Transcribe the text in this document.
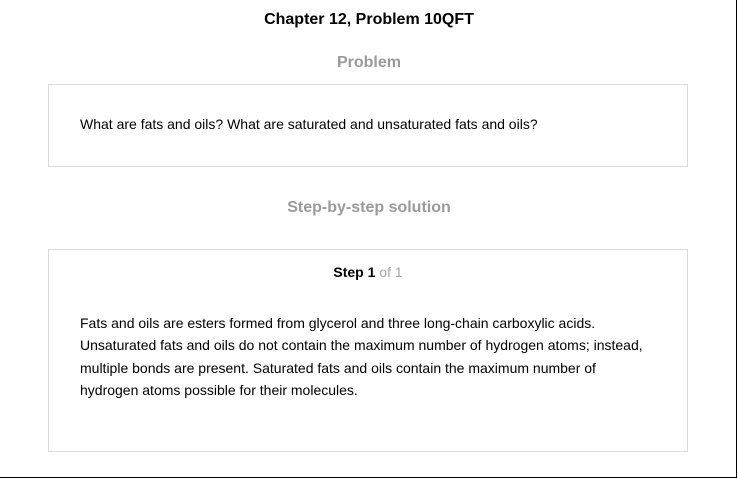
Chapter 12, Problem 10QFT
Problem
What are fats and oils? What are saturated and unsaturated fats and oils?
Step-by-step solution
Step 1 of 1
Fats and oils are esters formed from glycerol and three long-chain carboxylic acids.
Unsaturated fats and oils do not contain the maximum number of hydrogen atoms; instead,
multiple bonds are present. Saturated fats and oils contain the maximum number of
hydrogen atoms possible for their molecules.
